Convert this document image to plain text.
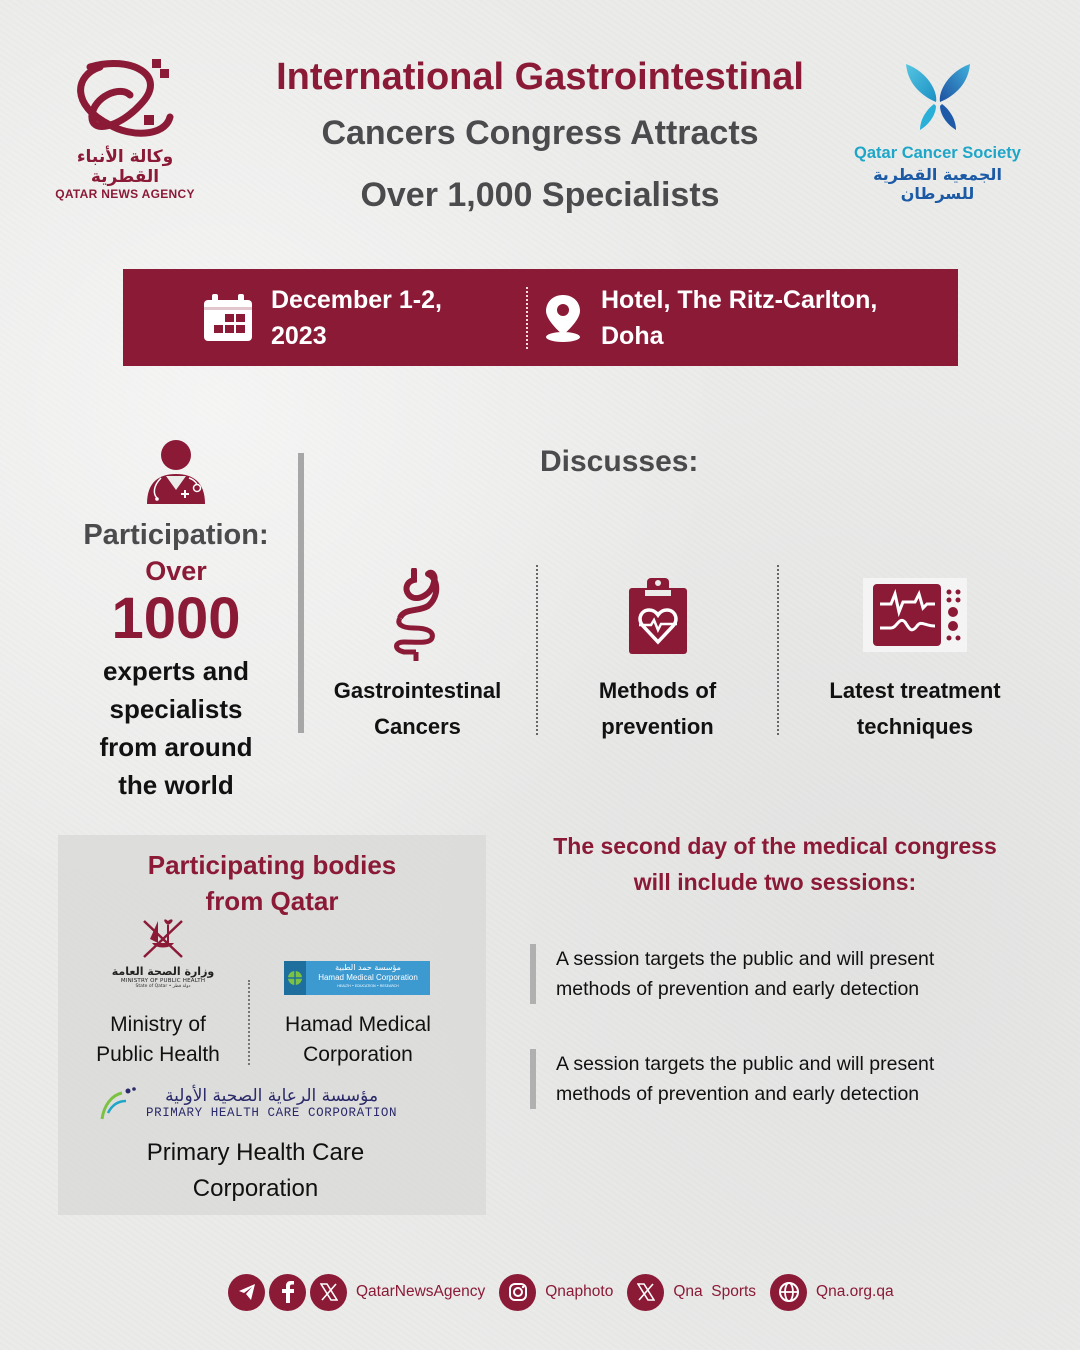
وكالة الأنباء القطرية
QATAR NEWS AGENCY
International Gastrointestinal
Cancers Congress Attracts
Over 1,000 Specialists
Qatar Cancer Society
الجمعية القطرية للسرطان
December 1-2,
2023
Hotel, The Ritz-Carlton,
Doha
Participation:
Over
1000
experts and
specialists
from around
the world
Discusses:
Gastrointestinal
Cancers
Methods of
prevention
Latest treatment
techniques
Participating bodies
from Qatar
وزارة الصحة العامة
MINISTRY OF PUBLIC HEALTH
State of Qatar • دولة قطر
مؤسسة حمد الطبية
Hamad Medical Corporation
HEALTH • EDUCATION • RESEARCH
Ministry of
Public Health
Hamad Medical
Corporation
مؤسسة الرعاية الصحية الأولية
PRIMARY HEALTH CARE CORPORATION
Primary Health Care
Corporation
The second day of the medical congress
will include two sessions:
A session targets the public and will present
methods of prevention and early detection
A session targets the public and will present
methods of prevention and early detection
QatarNewsAgency	Qnaphoto	Qna  Sports	Qna.org.qa
